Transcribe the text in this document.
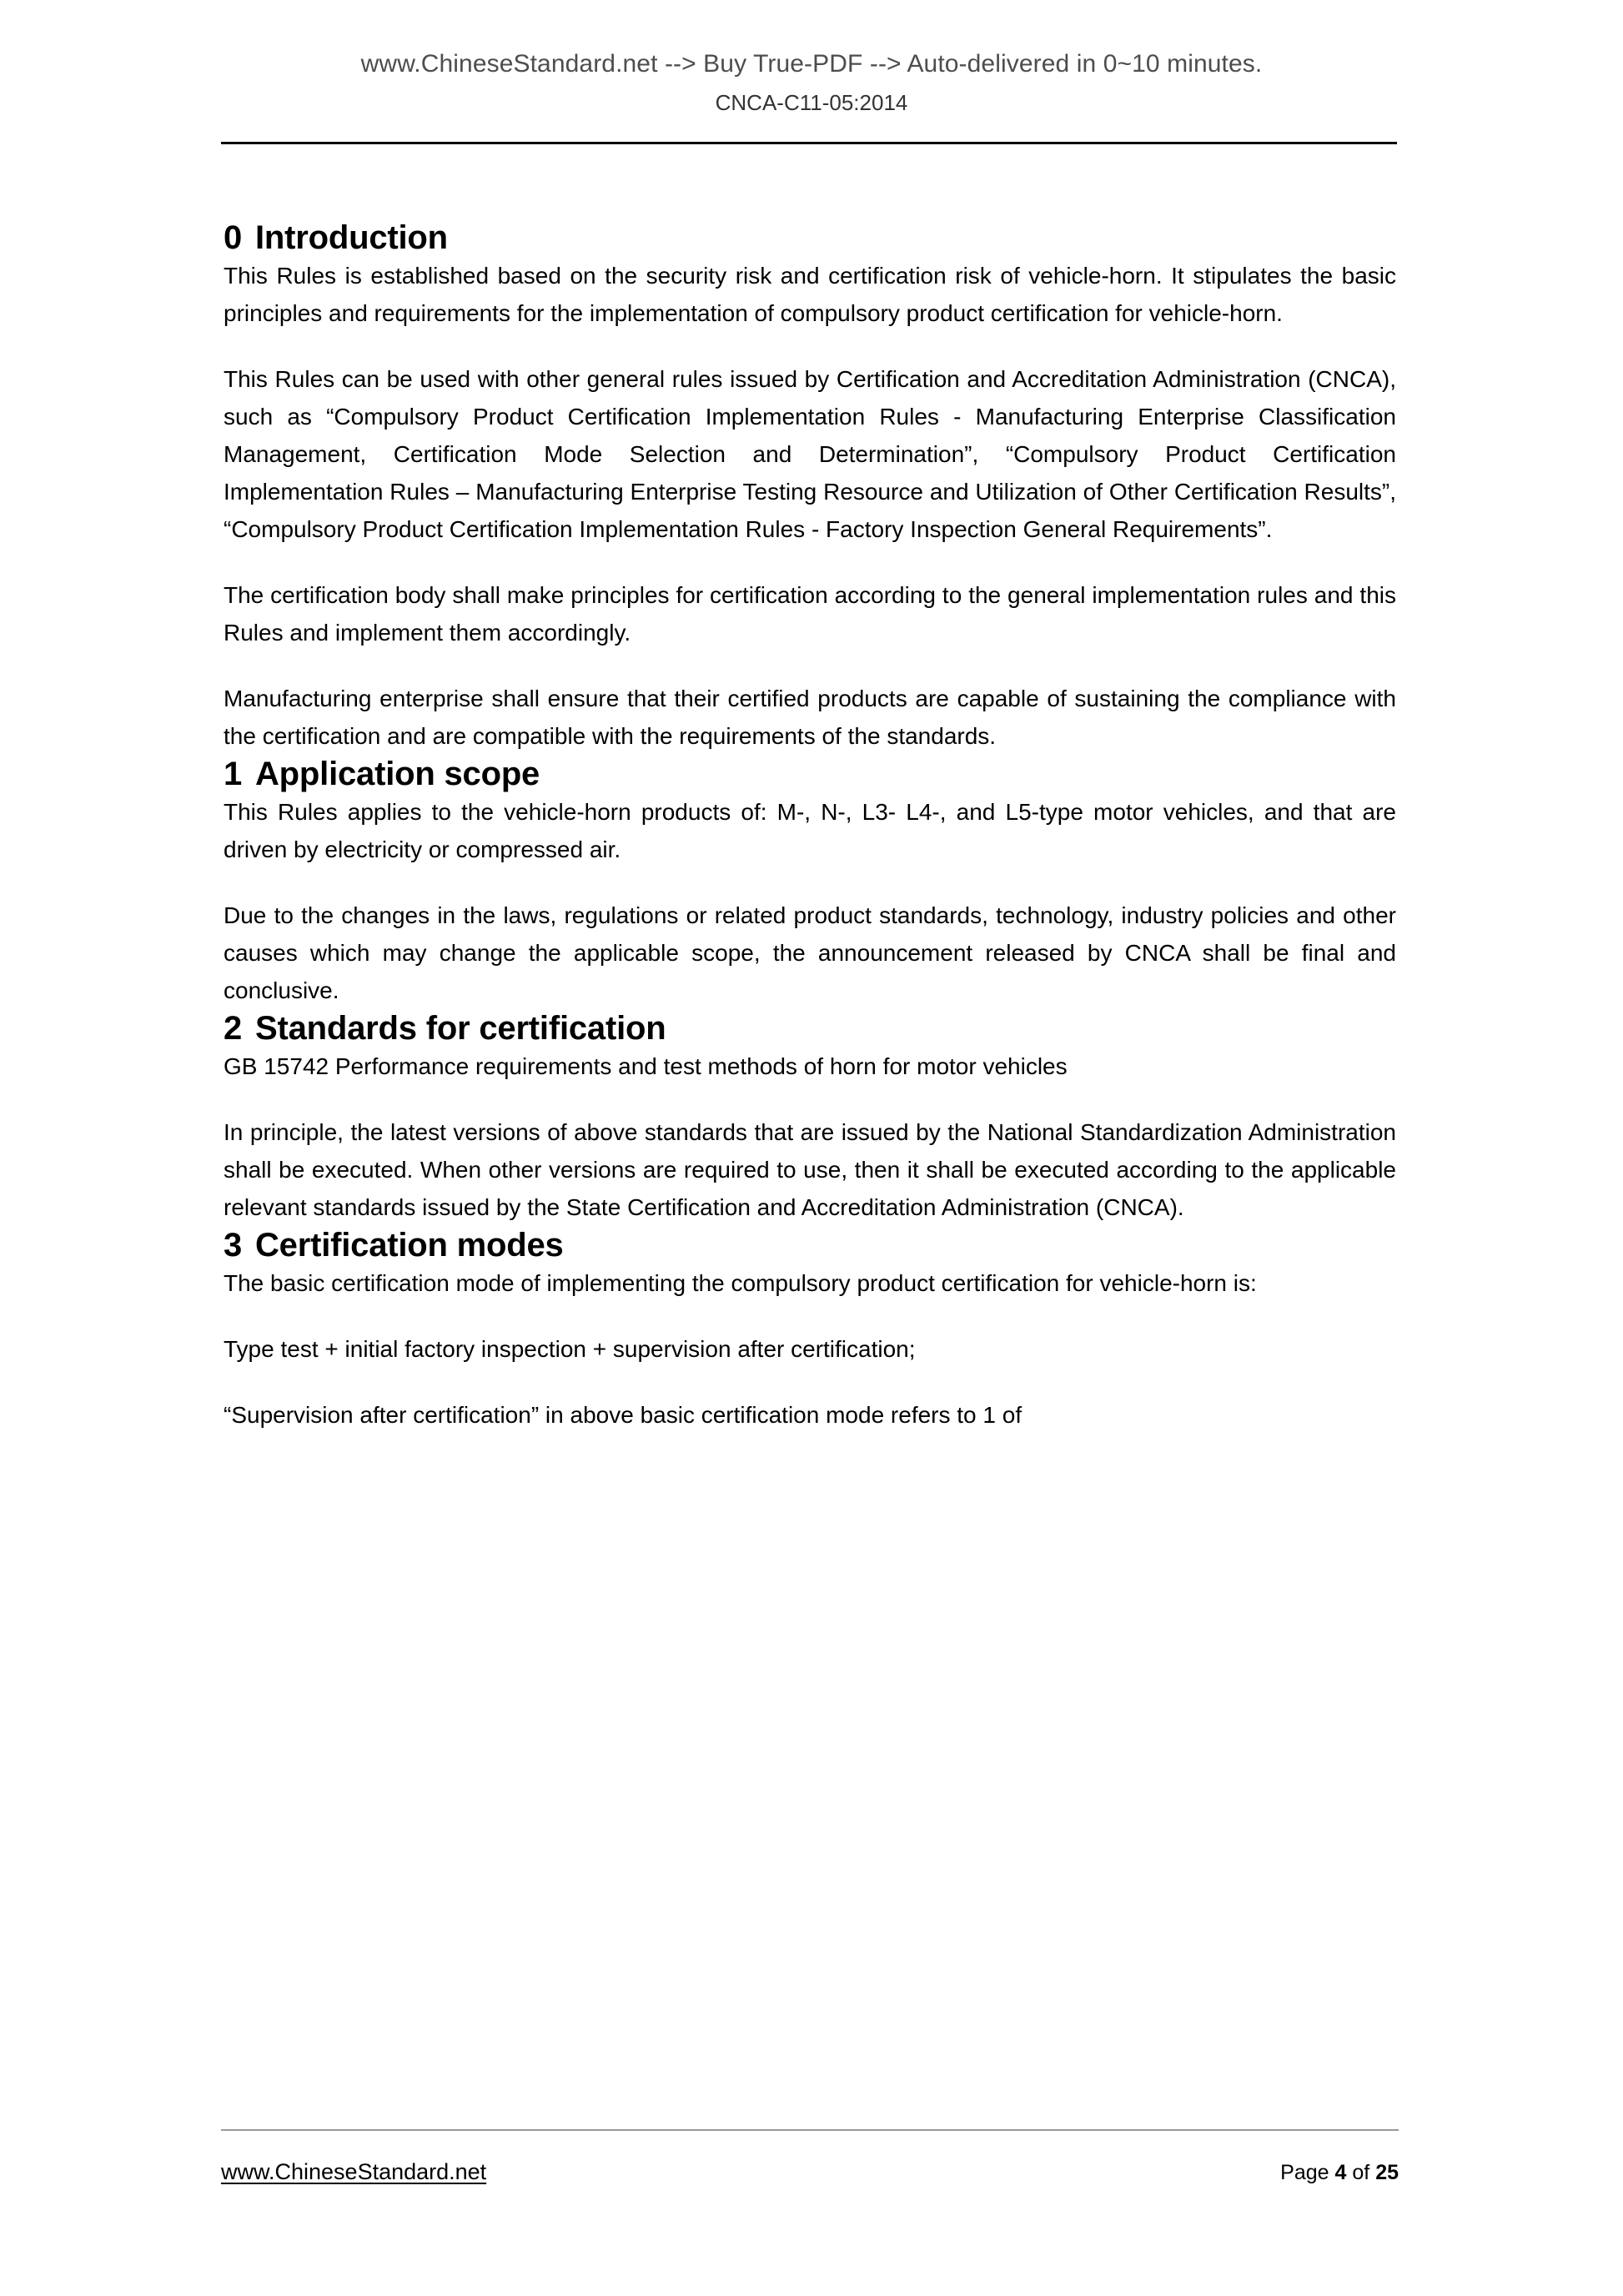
www.ChineseStandard.net --> Buy True-PDF --> Auto-delivered in 0~10 minutes.
CNCA-C11-05:2014
0 Introduction

This Rules is established based on the security risk and certification risk of vehicle-horn. It stipulates the basic principles and requirements for the implementation of compulsory product certification for vehicle-horn.

This Rules can be used with other general rules issued by Certification and Accreditation Administration (CNCA), such as “Compulsory Product Certification Implementation Rules - Manufacturing Enterprise Classification Management, Certification Mode Selection and Determination”, “Compulsory Product Certification Implementation Rules – Manufacturing Enterprise Testing Resource and Utilization of Other Certification Results”, “Compulsory Product Certification Implementation Rules - Factory Inspection General Requirements”.

The certification body shall make principles for certification according to the general implementation rules and this Rules and implement them accordingly.

Manufacturing enterprise shall ensure that their certified products are capable of sustaining the compliance with the certification and are compatible with the requirements of the standards.

1 Application scope

This Rules applies to the vehicle-horn products of: M-, N-, L3- L4-, and L5-type motor vehicles, and that are driven by electricity or compressed air.

Due to the changes in the laws, regulations or related product standards, technology, industry policies and other causes which may change the applicable scope, the announcement released by CNCA shall be final and conclusive.

2 Standards for certification

GB 15742 Performance requirements and test methods of horn for motor vehicles

In principle, the latest versions of above standards that are issued by the National Standardization Administration shall be executed. When other versions are required to use, then it shall be executed according to the applicable relevant standards issued by the State Certification and Accreditation Administration (CNCA).

3 Certification modes

The basic certification mode of implementing the compulsory product certification for vehicle-horn is:

Type test + initial factory inspection + supervision after certification;

“Supervision after certification” in above basic certification mode refers to 1 of

www.ChineseStandard.net	Page 4 of 25
